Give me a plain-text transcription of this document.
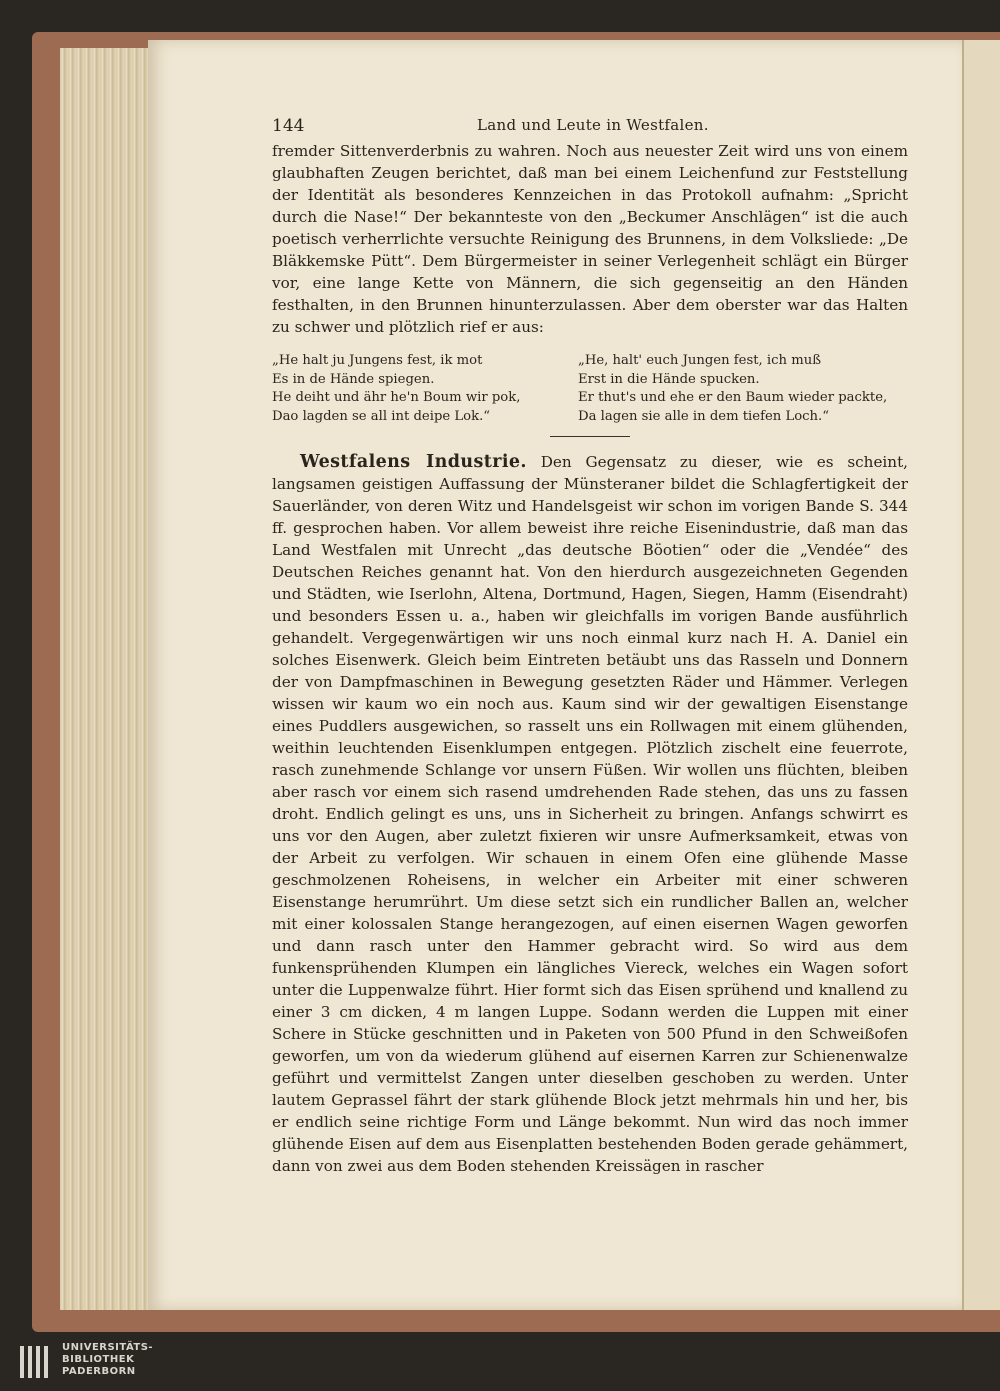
144	Land und Leute in Westfalen.

fremder Sittenverderbnis zu wahren. Noch aus neuester Zeit wird uns von einem glaubhaften Zeugen berichtet, daß man bei einem Leichenfund zur Feststellung der Identität als besonderes Kennzeichen in das Protokoll aufnahm: „Spricht durch die Nase!“ Der bekannteste von den „Beckumer Anschlägen“ ist die auch poetisch verherrlichte versuchte Reinigung des Brunnens, in dem Volksliede: „De Bläkkemske Pütt“. Dem Bürgermeister in seiner Verlegenheit schlägt ein Bürger vor, eine lange Kette von Männern, die sich gegenseitig an den Händen festhalten, in den Brunnen hinunterzulassen. Aber dem oberster war das Halten zu schwer und plötzlich rief er aus:

„He halt ju Jungens fest, ik mot
Es in de Hände spiegen.
He deiht und ähr he'n Boum wir pok,
Dao lagden se all int deipe Lok.“
„He, halt' euch Jungen fest, ich muß
Erst in die Hände spucken.
Er thut's und ehe er den Baum wieder packte,
Da lagen sie alle in dem tiefen Loch.“

Westfalens Industrie. Den Gegensatz zu dieser, wie es scheint, langsamen geistigen Auffassung der Münsteraner bildet die Schlagfertigkeit der Sauerländer, von deren Witz und Handelsgeist wir schon im vorigen Bande S. 344 ff. gesprochen haben. Vor allem beweist ihre reiche Eisenindustrie, daß man das Land Westfalen mit Unrecht „das deutsche Böotien“ oder die „Vendée“ des Deutschen Reiches genannt hat. Von den hierdurch ausgezeichneten Gegenden und Städten, wie Iserlohn, Altena, Dortmund, Hagen, Siegen, Hamm (Eisendraht) und besonders Essen u. a., haben wir gleichfalls im vorigen Bande ausführlich gehandelt. Vergegenwärtigen wir uns noch einmal kurz nach H. A. Daniel ein solches Eisenwerk. Gleich beim Eintreten betäubt uns das Rasseln und Donnern der von Dampfmaschinen in Bewegung gesetzten Räder und Hämmer. Verlegen wissen wir kaum wo ein noch aus. Kaum sind wir der gewaltigen Eisenstange eines Puddlers ausgewichen, so rasselt uns ein Rollwagen mit einem glühenden, weithin leuchtenden Eisenklumpen entgegen. Plötzlich zischelt eine feuerrote, rasch zunehmende Schlange vor unsern Füßen. Wir wollen uns flüchten, bleiben aber rasch vor einem sich rasend umdrehenden Rade stehen, das uns zu fassen droht. Endlich gelingt es uns, uns in Sicherheit zu bringen. Anfangs schwirrt es uns vor den Augen, aber zuletzt fixieren wir unsre Aufmerksamkeit, etwas von der Arbeit zu verfolgen. Wir schauen in einem Ofen eine glühende Masse geschmolzenen Roheisens, in welcher ein Arbeiter mit einer schweren Eisenstange herumrührt. Um diese setzt sich ein rundlicher Ballen an, welcher mit einer kolossalen Stange herangezogen, auf einen eisernen Wagen geworfen und dann rasch unter den Hammer gebracht wird. So wird aus dem funkensprühenden Klumpen ein längliches Viereck, welches ein Wagen sofort unter die Luppenwalze führt. Hier formt sich das Eisen sprühend und knallend zu einer 3 cm dicken, 4 m langen Luppe. Sodann werden die Luppen mit einer Schere in Stücke geschnitten und in Paketen von 500 Pfund in den Schweißofen geworfen, um von da wiederum glühend auf eisernen Karren zur Schienenwalze geführt und vermittelst Zangen unter dieselben geschoben zu werden. Unter lautem Geprassel fährt der stark glühende Block jetzt mehrmals hin und her, bis er endlich seine richtige Form und Länge bekommt. Nun wird das noch immer glühende Eisen auf dem aus Eisenplatten bestehenden Boden gerade gehämmert, dann von zwei aus dem Boden stehenden Kreissägen in rascher

UNIVERSITÄTS-
BIBLIOTHEK
PADERBORN
